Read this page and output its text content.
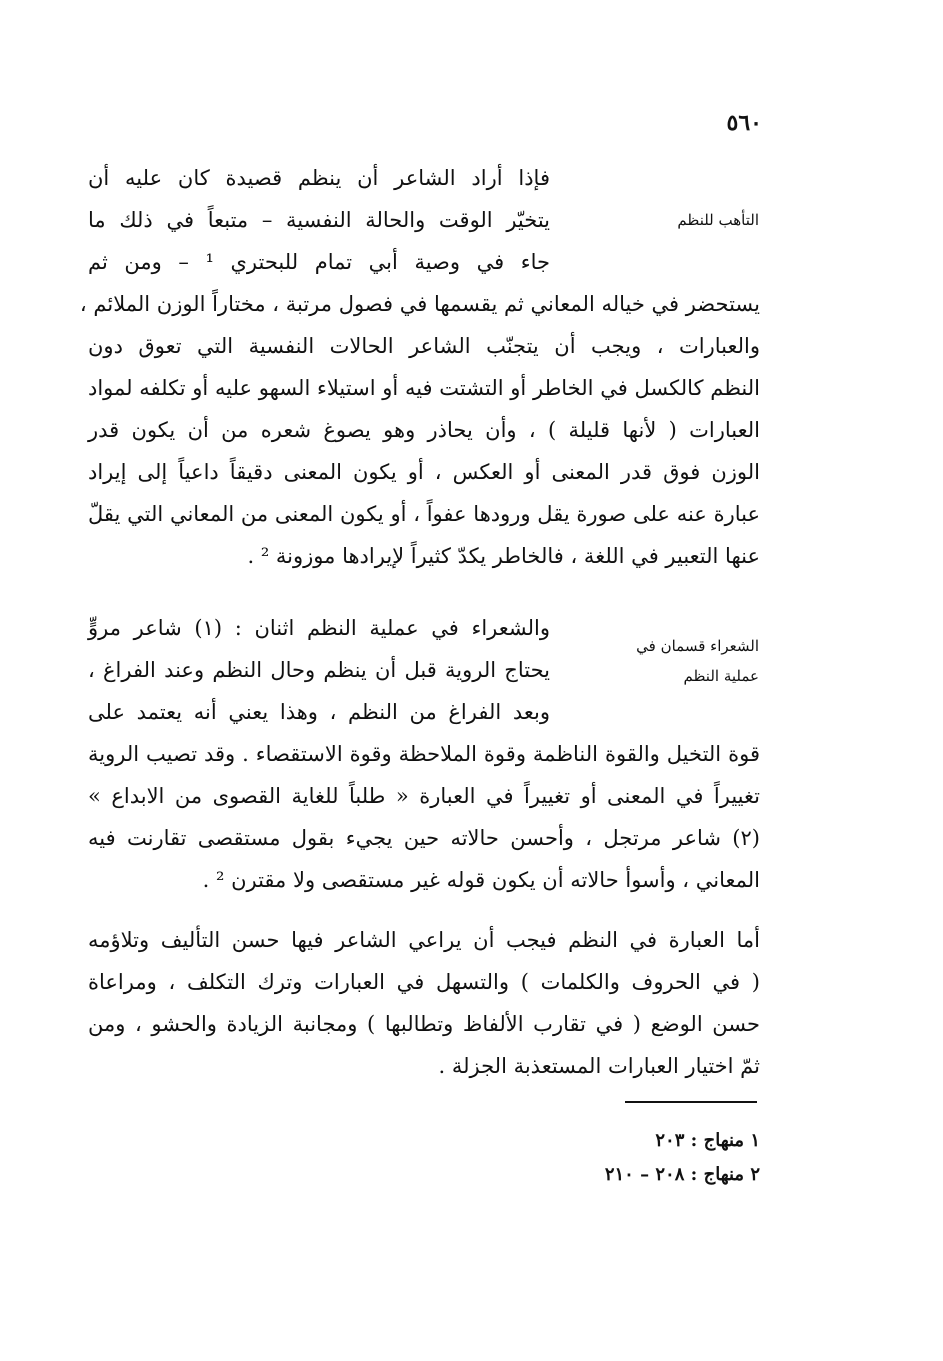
٥٦٠
فإذا أراد الشاعر أن ينظم قصيدة كان عليه أن
يتخيّر الوقت والحالة النفسية – متبعاً في ذلك ما	التأهب للنظم
جاء في وصية أبي تمام للبحتري ¹ – ومن ثم
يستحضر في خياله المعاني ثم يقسمها في فصول مرتبة ، مختاراً الوزن الملائم ،
والعبارات ، ويجب أن يتجنّب الشاعر الحالات النفسية التي تعوق دون
النظم كالكسل في الخاطر أو التشتت فيه أو استيلاء السهو عليه أو تكلفه لمواد
العبارات ( لأنها قليلة ) ، وأن يحاذر وهو يصوغ شعره من أن يكون قدر
الوزن فوق قدر المعنى أو العكس ، أو يكون المعنى دقيقاً داعياً إلى إيراد
عبارة عنه على صورة يقل ورودها عفواً ، أو يكون المعنى من المعاني التي يقلّ
عنها التعبير في اللغة ، فالخاطر يكدّ كثيراً لإيرادها موزونة ² .
والشعراء في عملية النظم اثنان : (١) شاعر مروٍّ
الشعراء قسمان في
يحتاج الروية قبل أن ينظم وحال النظم وعند الفراغ ،	عملية النظم
وبعد الفراغ من النظم ، وهذا يعني أنه يعتمد على
قوة التخيل والقوة الناظمة وقوة الملاحظة وقوة الاستقصاء . وقد تصيب الروية
تغييراً في المعنى أو تغييراً في العبارة « طلباً للغاية القصوى من الابداع »
(٢) شاعر مرتجل ، وأحسن حالاته حين يجيء بقول مستقصى تقارنت فيه
المعاني ، وأسوأ حالاته أن يكون قوله غير مستقصى ولا مقترن ² .
أما العبارة في النظم فيجب أن يراعي الشاعر فيها حسن التأليف وتلاؤمه
( في الحروف والكلمات ) والتسهل في العبارات وترك التكلف ، ومراعاة
حسن الوضع ( في تقارب الألفاظ وتطالبها ) ومجانبة الزيادة والحشو ، ومن
ثمّ اختيار العبارات المستعذبة الجزلة .
١ منهاج : ٢٠٣
٢ منهاج : ٢٠٨ – ٢١٠
